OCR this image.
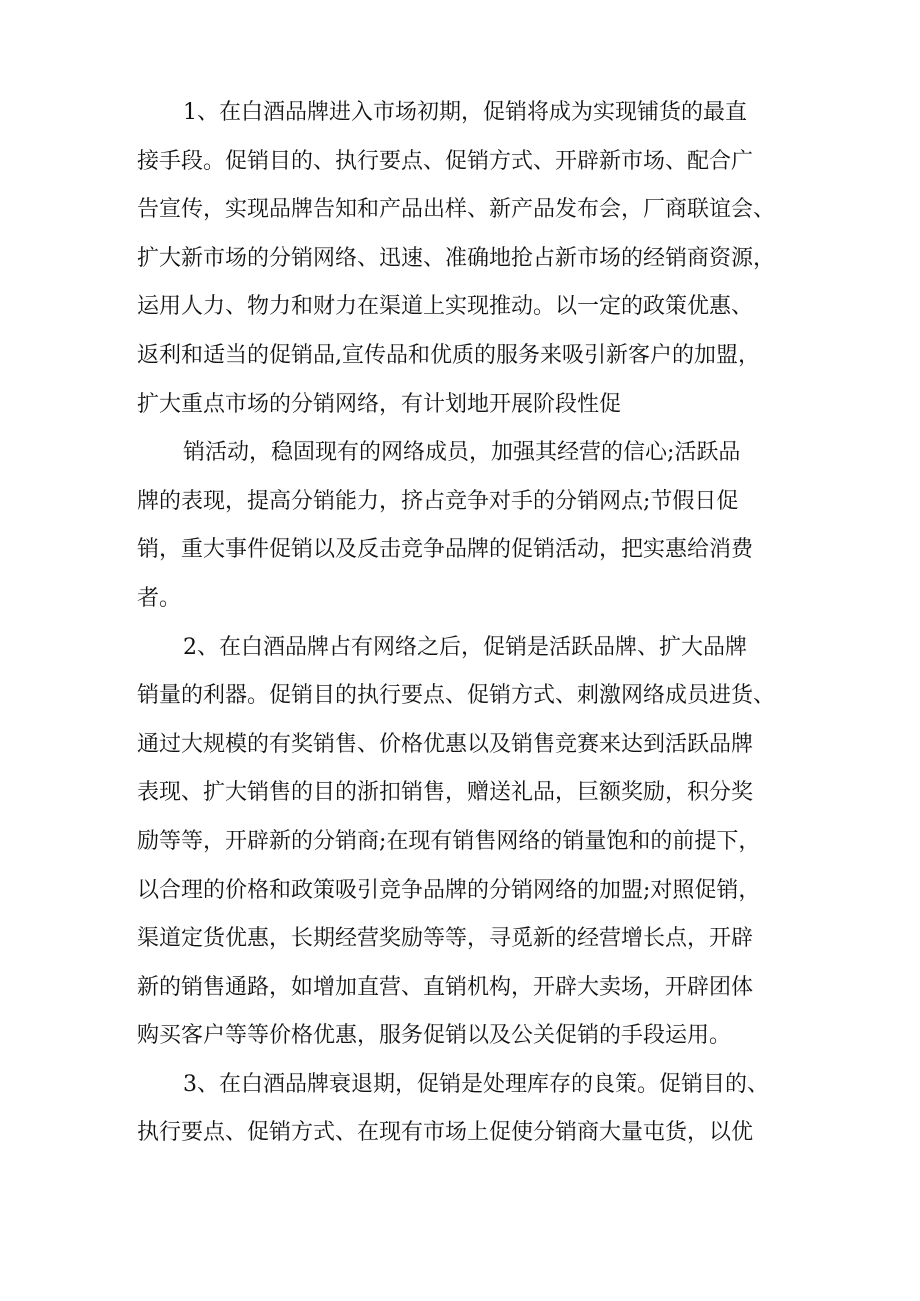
1、在白酒品牌进入市场初期，促销将成为实现铺货的最直
接手段。促销目的、执行要点、促销方式、开辟新市场、配合广
告宣传，实现品牌告知和产品出样、新产品发布会，厂商联谊会、
扩大新市场的分销网络、迅速、准确地抢占新市场的经销商资源，
运用人力、物力和财力在渠道上实现推动。以一定的政策优惠、
返利和适当的促销品,宣传品和优质的服务来吸引新客户的加盟，
扩大重点市场的分销网络，有计划地开展阶段性促
销活动，稳固现有的网络成员，加强其经营的信心;活跃品
牌的表现，提高分销能力，挤占竞争对手的分销网点;节假日促
销，重大事件促销以及反击竞争品牌的促销活动，把实惠给消费
者。
2、在白酒品牌占有网络之后，促销是活跃品牌、扩大品牌
销量的利器。促销目的执行要点、促销方式、刺激网络成员进货、
通过大规模的有奖销售、价格优惠以及销售竞赛来达到活跃品牌
表现、扩大销售的目的浙扣销售，赠送礼品，巨额奖励，积分奖
励等等，开辟新的分销商;在现有销售网络的销量饱和的前提下，
以合理的价格和政策吸引竞争品牌的分销网络的加盟;对照促销，
渠道定货优惠，长期经营奖励等等，寻觅新的经营增长点，开辟
新的销售通路，如增加直营、直销机构，开辟大卖场，开辟团体
购买客户等等价格优惠，服务促销以及公关促销的手段运用。
3、在白酒品牌衰退期，促销是处理库存的良策。促销目的、
执行要点、促销方式、在现有市场上促使分销商大量屯货，以优
